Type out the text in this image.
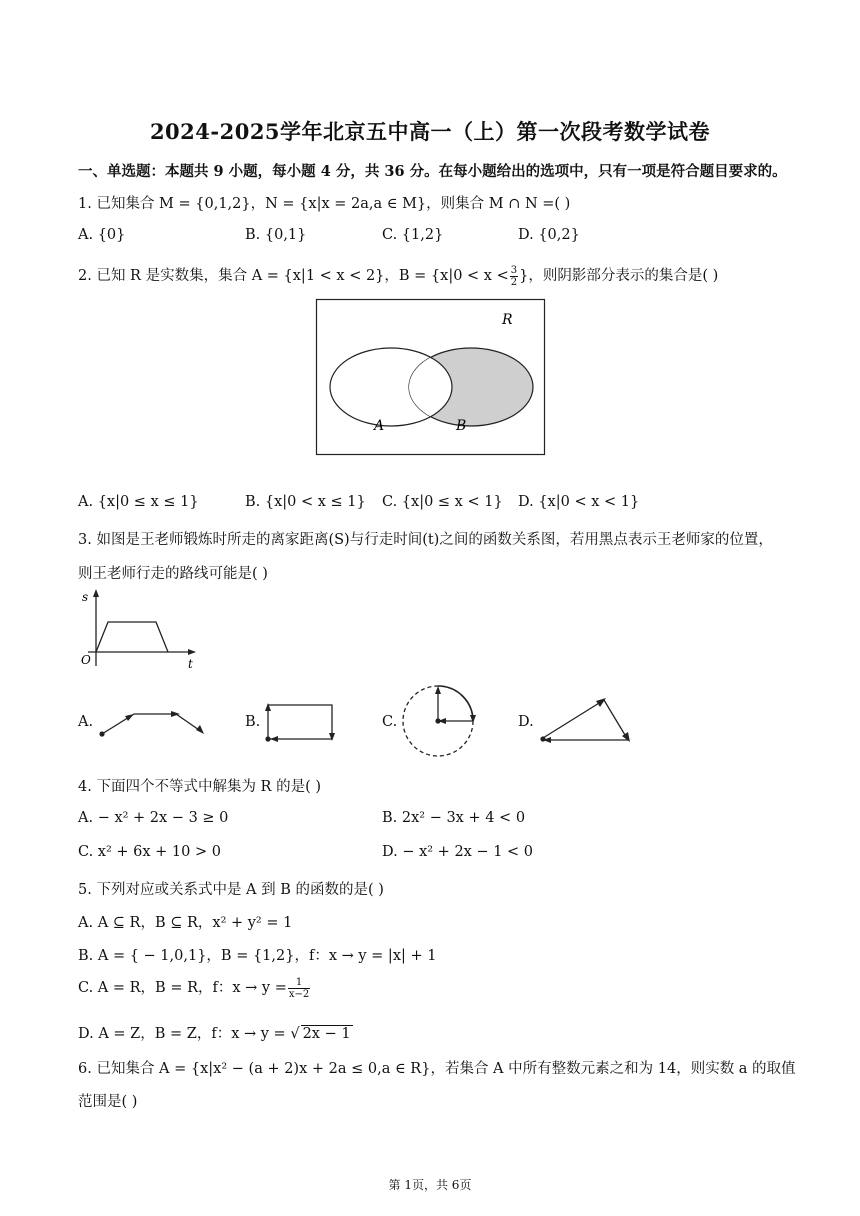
2024-2025学年北京五中高一（上）第一次段考数学试卷
一、单选题：本题共 9 小题，每小题 4 分，共 36 分。在每小题给出的选项中，只有一项是符合题目要求的。
1. 已知集合 M = {0,1,2}，N = {x|x = 2a,a ∈ M}，则集合 M ∩ N =( )
A. {0}	B. {0,1}	C. {1,2}	D. {0,2}
2. 已知 R 是实数集，集合 A = {x|1 < x < 2}，$B = \{x|0 < x < \frac{3}{2}$ }，则阴影部分表示的集合是( )
R
A	B
A. {x|0 ≤ x ≤ 1}	B. {x|0 < x ≤ 1} C. {x|0 ≤ x < 1} D. {x|0 < x < 1}
3. 如图是王老师锻炼时所走的离家距离(S)与行走时间(t)之间的函数关系图，若用黑点表示王老师家的位置，
则王老师行走的路线可能是( )
s
O	t
A.	B.	C.	D.
4. 下面四个不等式中解集为 R 的是( )
A. − x² + 2x − 3 ≥ 0	B. 2x² − 3x + 4 < 0
C. x² + 6x + 10 > 0	D. − x² + 2x − 1 < 0
5. 下列对应或关系式中是 A 到 B 的函数的是( )
A. A ⊆ R，B ⊆ R，x² + y² = 1
B. A = { − 1,0,1}，B = {1,2}，f：x → y = |x| + 1
C. A = R，B = R，f：$x \to y = \frac{1}{x-2}$
D. A = Z，B = Z，f：x → y = √ 2x − 1
6. 已知集合 A = {x|x² − (a + 2)x + 2a ≤ 0,a ∈ R}，若集合 A 中所有整数元素之和为 14，则实数 a 的取值
范围是( )
第 1页，共 6页
